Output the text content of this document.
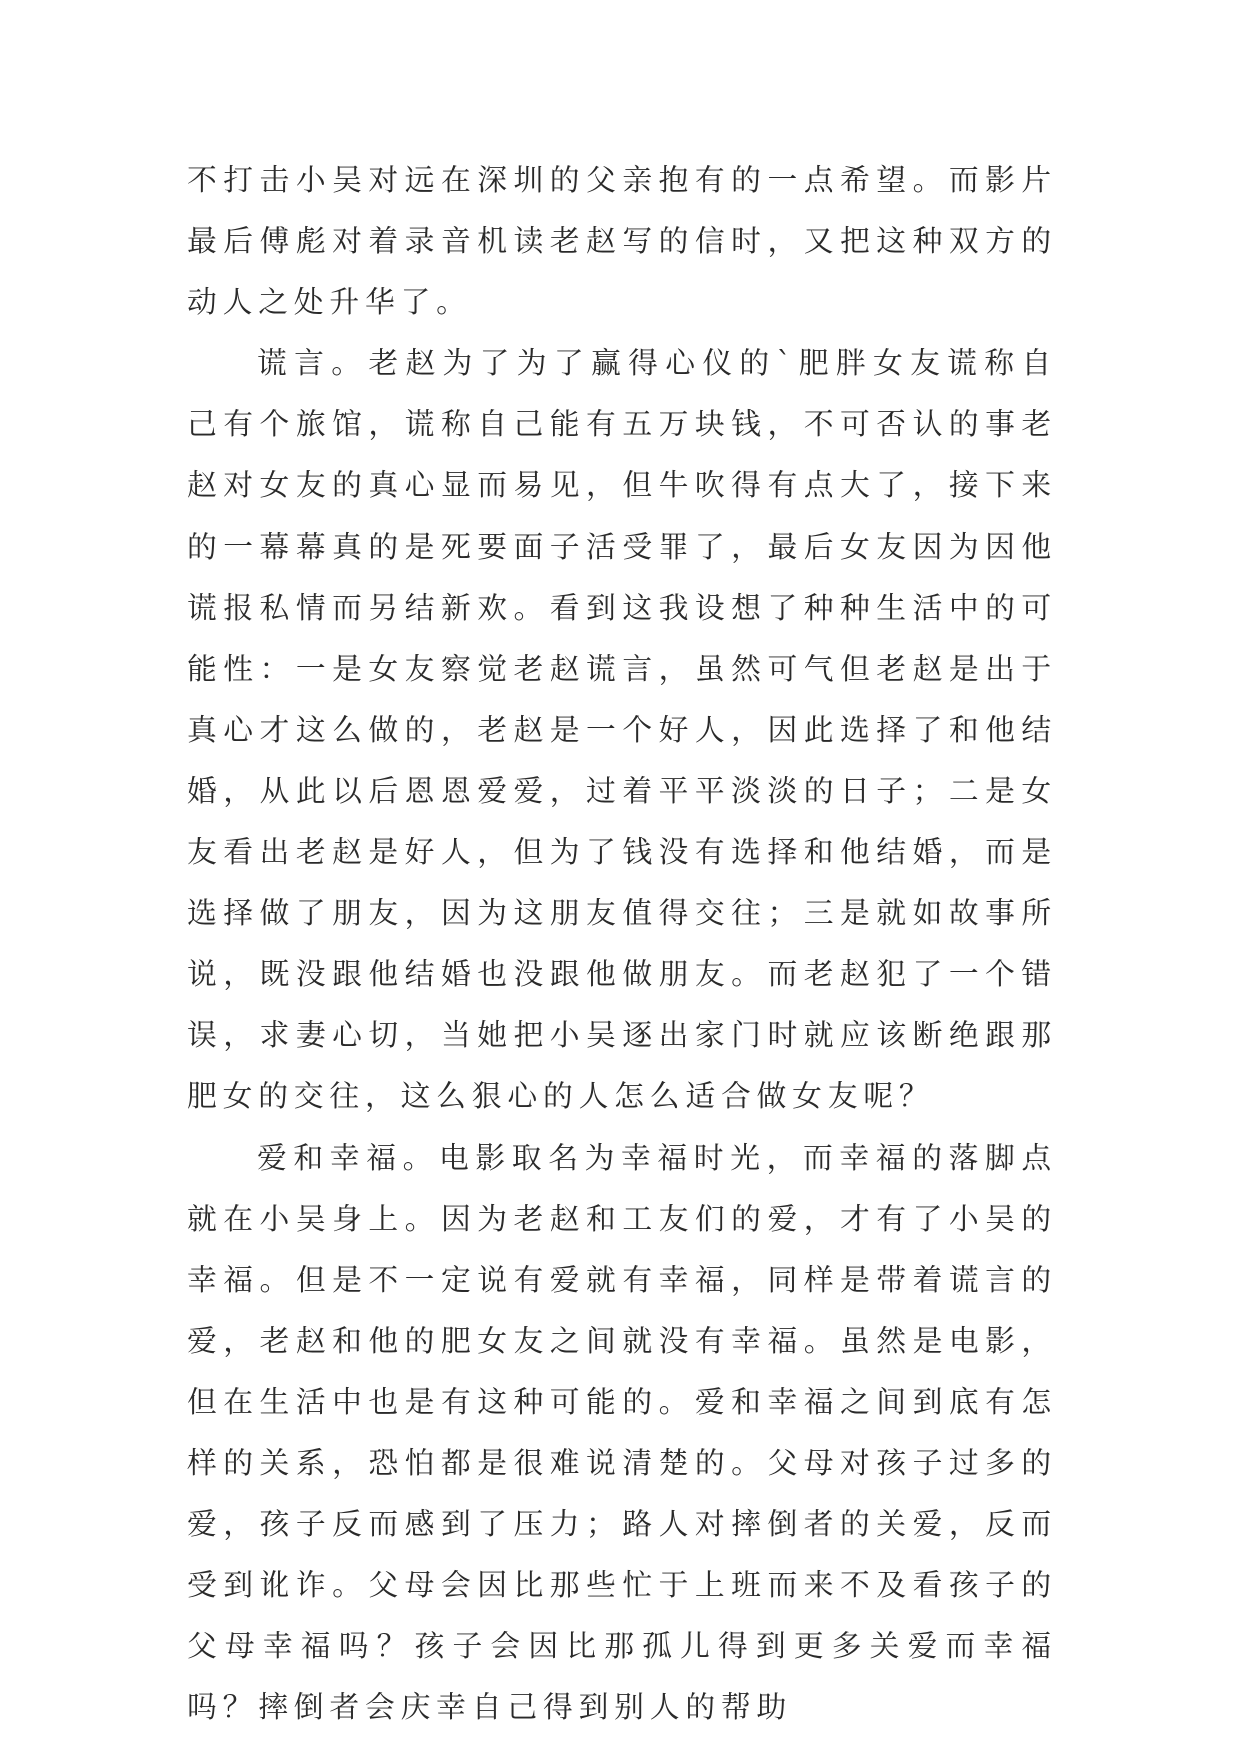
不打击小吴对远在深圳的父亲抱有的一点希望。而影片最后傅彪对着录音机读老赵写的信时，又把这种双方的动人之处升华了。

谎言。老赵为了为了赢得心仪的`肥胖女友谎称自己有个旅馆，谎称自己能有五万块钱，不可否认的事老赵对女友的真心显而易见，但牛吹得有点大了，接下来的一幕幕真的是死要面子活受罪了，最后女友因为因他谎报私情而另结新欢。看到这我设想了种种生活中的可能性：一是女友察觉老赵谎言，虽然可气但老赵是出于真心才这么做的，老赵是一个好人，因此选择了和他结婚，从此以后恩恩爱爱，过着平平淡淡的日子；二是女友看出老赵是好人，但为了钱没有选择和他结婚，而是选择做了朋友，因为这朋友值得交往；三是就如故事所说，既没跟他结婚也没跟他做朋友。而老赵犯了一个错误，求妻心切，当她把小吴逐出家门时就应该断绝跟那肥女的交往，这么狠心的人怎么适合做女友呢？

爱和幸福。电影取名为幸福时光，而幸福的落脚点就在小吴身上。因为老赵和工友们的爱，才有了小吴的幸福。但是不一定说有爱就有幸福，同样是带着谎言的爱，老赵和他的肥女友之间就没有幸福。虽然是电影，但在生活中也是有这种可能的。爱和幸福之间到底有怎样的关系，恐怕都是很难说清楚的。父母对孩子过多的爱，孩子反而感到了压力；路人对摔倒者的关爱，反而受到讹诈。父母会因比那些忙于上班而来不及看孩子的父母幸福吗？孩子会因比那孤儿得到更多关爱而幸福吗？摔倒者会庆幸自己得到别人的帮助
